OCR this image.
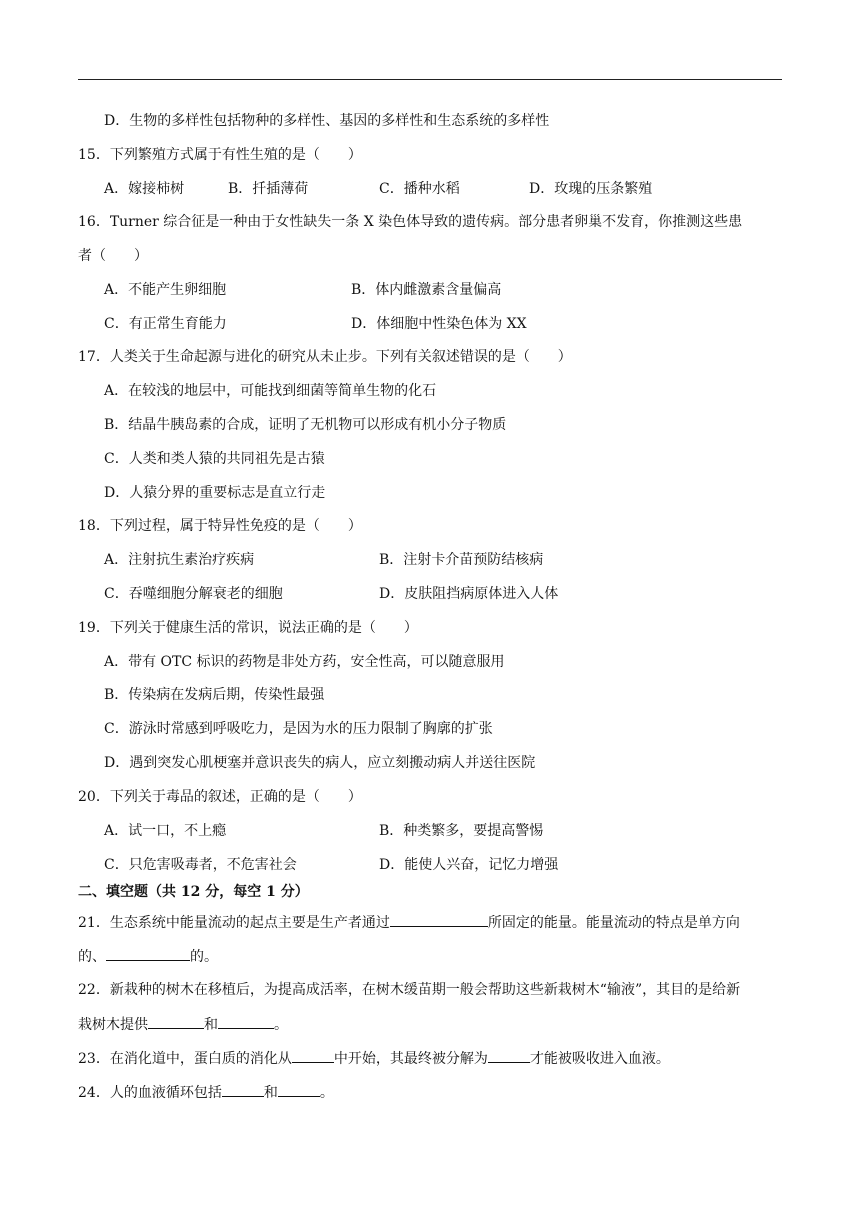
D．生物的多样性包括物种的多样性、基因的多样性和生态系统的多样性
15．下列繁殖方式属于有性生殖的是（　　）
A．嫁接柿树	B．扦插薄荷	C．播种水稻	D．玫瑰的压条繁殖
16．Turner 综合征是一种由于女性缺失一条 X 染色体导致的遗传病。部分患者卵巢不发育，你推测这些患
者（　　）
A．不能产生卵细胞	B．体内雌激素含量偏高
C．有正常生育能力	D．体细胞中性染色体为 XX
17．人类关于生命起源与进化的研究从未止步。下列有关叙述错误的是（　　）
A．在较浅的地层中，可能找到细菌等简单生物的化石
B．结晶牛胰岛素的合成，证明了无机物可以形成有机小分子物质
C．人类和类人猿的共同祖先是古猿
D．人猿分界的重要标志是直立行走
18．下列过程，属于特异性免疫的是（　　）
A．注射抗生素治疗疾病	B．注射卡介苗预防结核病
C．吞噬细胞分解衰老的细胞	D．皮肤阻挡病原体进入人体
19．下列关于健康生活的常识，说法正确的是（　　）
A．带有 OTC 标识的药物是非处方药，安全性高，可以随意服用
B．传染病在发病后期，传染性最强
C．游泳时常感到呼吸吃力，是因为水的压力限制了胸廓的扩张
D．遇到突发心肌梗塞并意识丧失的病人，应立刻搬动病人并送往医院
20．下列关于毒品的叙述，正确的是（　　）
A．试一口，不上瘾	B．种类繁多，要提高警惕
C．只危害吸毒者，不危害社会	D．能使人兴奋，记忆力增强
二、填空题（共 12 分，每空 1 分）
21．生态系统中能量流动的起点主要是生产者通过	所固定的能量。能量流动的特点是单方向
的、	的。
22．新栽种的树木在移植后，为提高成活率，在树木缓苗期一般会帮助这些新栽树木“输液”，其目的是给新
栽树木提供	和	。
23．在消化道中，蛋白质的消化从	中开始，其最终被分解为	才能被吸收进入血液。
24．人的血液循环包括	和	。
